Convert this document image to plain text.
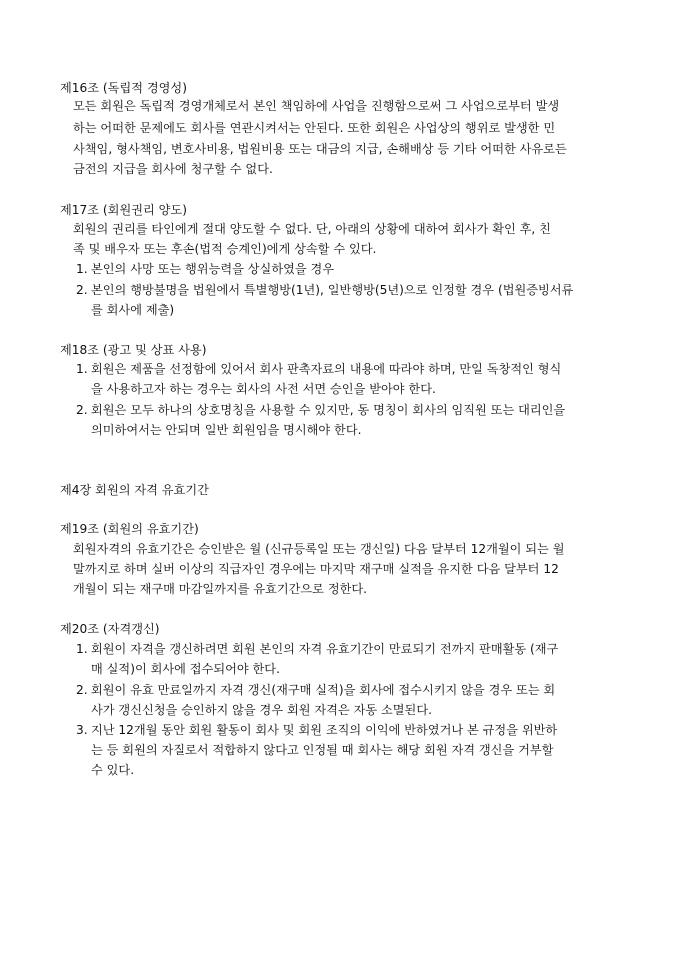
제16조 (독립적 경영성)
모든 회원은 독립적 경영개체로서 본인 책임하에 사업을 진행함으로써 그 사업으로부터 발생
하는 어떠한 문제에도 회사를 연관시켜서는 안된다. 또한 회원은 사업상의 행위로 발생한 민
사책임, 형사책임, 변호사비용, 법원비용 또는 대금의 지급, 손해배상 등 기타 어떠한 사유로든
금전의 지급을 회사에 청구할 수 없다.
제17조 (회원권리 양도)
회원의 권리를 타인에게 절대 양도할 수 없다. 단, 아래의 상황에 대하여 회사가 확인 후, 친
족 및 배우자 또는 후손(법적 승계인)에게 상속할 수 있다.
1. 본인의 사망 또는 행위능력을 상실하였을 경우
2. 본인의 행방불명을 법원에서 특별행방(1년), 일반행방(5년)으로 인정할 경우 (법원증빙서류
를 회사에 제출)
제18조 (광고 및 상표 사용)
1. 회원은 제품을 선정함에 있어서 회사 판촉자료의 내용에 따라야 하며, 만일 독창적인 형식
을 사용하고자 하는 경우는 회사의 사전 서면 승인을 받아야 한다.
2. 회원은 모두 하나의 상호명칭을 사용할 수 있지만, 동 명칭이 회사의 임직원 또는 대리인을
의미하여서는 안되며 일반 회원임을 명시해야 한다.
제4장 회원의 자격 유효기간
제19조 (회원의 유효기간)
회원자격의 유효기간은 승인받은 월 (신규등록일 또는 갱신일) 다음 달부터 12개월이 되는 월
말까지로 하며 실버 이상의 직급자인 경우에는 마지막 재구매 실적을 유지한 다음 달부터 12
개월이 되는 재구매 마감일까지를 유효기간으로 정한다.
제20조 (자격갱신)
1. 회원이 자격을 갱신하려면 회원 본인의 자격 유효기간이 만료되기 전까지 판매활동 (재구
매 실적)이 회사에 접수되어야 한다.
2. 회원이 유효 만료일까지 자격 갱신(재구매 실적)을 회사에 접수시키지 않을 경우 또는 회
사가 갱신신청을 승인하지 않을 경우 회원 자격은 자동 소멸된다.
3. 지난 12개월 동안 회원 활동이 회사 및 회원 조직의 이익에 반하였거나 본 규정을 위반하
는 등 회원의 자질로서 적합하지 않다고 인정될 때 회사는 해당 회원 자격 갱신을 거부할
수 있다.
